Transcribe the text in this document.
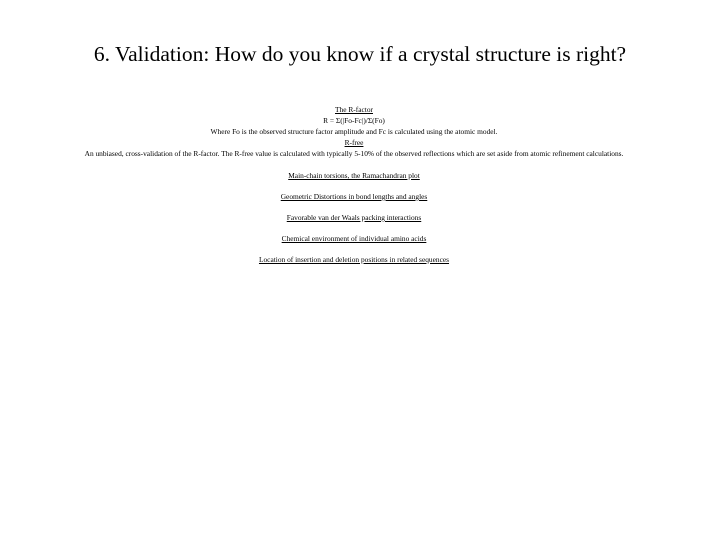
6. Validation: How do you know if a crystal structure is right?
The R-factor
R = Σ(|Fo-Fc|)/Σ(Fo)
Where Fo is the observed structure factor amplitude and Fc is calculated using the atomic model.
R-free
An unbiased, cross-validation of the R-factor. The R-free value is calculated with typically 5-10% of the observed reflections which are set aside from atomic refinement calculations.
Main-chain torsions, the Ramachandran plot
Geometric Distortions in bond lengths and angles
Favorable van der Waals packing interactions
Chemical environment of individual amino acids
Location of insertion and deletion positions in related sequences
